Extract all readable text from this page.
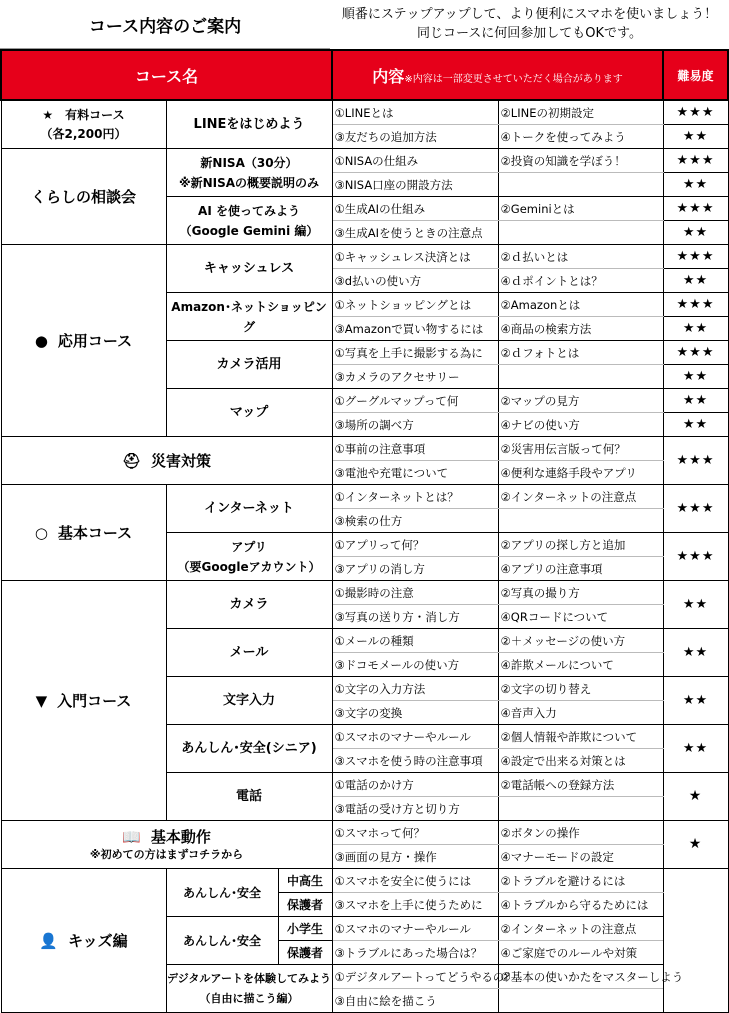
コース内容のご案内
順番にステップアップして、より便利にスマホを使いましょう！
同じコースに何回参加してもOKです。
コース名			内容※内容は一部変更させていただく場合があります		難易度

★　有料コース
（各2,200円）	LINEをはじめよう		①LINEとは	②LINEの初期設定	★★★
			③友だちの追加方法	④トークを使ってみよう	★★
くらしの相談会	新NISA（30分）
※新NISAの概要説明のみ		①NISAの仕組み	②投資の知識を学ぼう！	★★★
			③NISA口座の開設方法		★★

	AI を使ってみよう
（Google Gemini 編）		①生成AIの仕組み	②Geminiとは	★★★
			③生成AIを使うときの注意点		★★
● 応用コース	キャッシュレス		①キャッシュレス決済とは	②ｄ払いとは	★★★
			③d払いの使い方	④ｄポイントとは？	★★
	Amazon･ネットショッピング		①ネットショッピングとは	②Amazonとは	★★★
			③Amazonで買い物するには	④商品の検索方法	★★
	カメラ活用		①写真を上手に撮影する為に	②ｄフォトとは	★★★
			③カメラのアクセサリー		★★
	マップ		①グーグルマップって何	②マップの見方	★★
			③場所の調べ方	④ナビの使い方	★★
⛑ 災害対策			①事前の注意事項	②災害用伝言版って何？	★★★
			③電池や充電について	④便利な連絡手段やアプリ	
○ 基本コース	インターネット		①インターネットとは？	②インターネットの注意点	★★★
			③検索の仕方		

	アプリ
（要Googleアカウント）		①アプリって何？	②アプリの探し方と追加	★★★
			③アプリの消し方	④アプリの注意事項	
▼ 入門コース	カメラ		①撮影時の注意	②写真の撮り方	★★
			③写真の送り方・消し方	④QRコードについて	
	メール		①メールの種類	②＋メッセージの使い方	★★
			③ドコモメールの使い方	④詐欺メールについて	
	文字入力		①文字の入力方法	②文字の切り替え	★★
			③文字の変換	④音声入力	
	あんしん･安全(シニア)		①スマホのマナーやルール	②個人情報や詐欺について	★★
			③スマホを使う時の注意事項	④設定で出来る対策とは	
	電話		①電話のかけ方	②電話帳への登録方法	★
			③電話の受け方と切り方		

📖 基本動作
※初めての方はまずコチラから			①スマホって何？	②ボタンの操作	★
			③画面の見方・操作	④マナーモードの設定	
👤 キッズ編	あんしん･安全	中高生	①スマホを安全に使うには	②トラブルを避けるには	
		保護者	③スマホを上手に使うために	④トラブルから守るためには	
	あんしん･安全	小学生	①スマホのマナーやルール	②インターネットの注意点	
		保護者	③トラブルにあった場合は？	④ご家庭でのルールや対策	

	デジタルアートを体験してみよう
（自由に描こう編）		①デジタルアートってどうやるの？	②基本の使いかたをマスターしよう	
			③自由に絵を描こう		
